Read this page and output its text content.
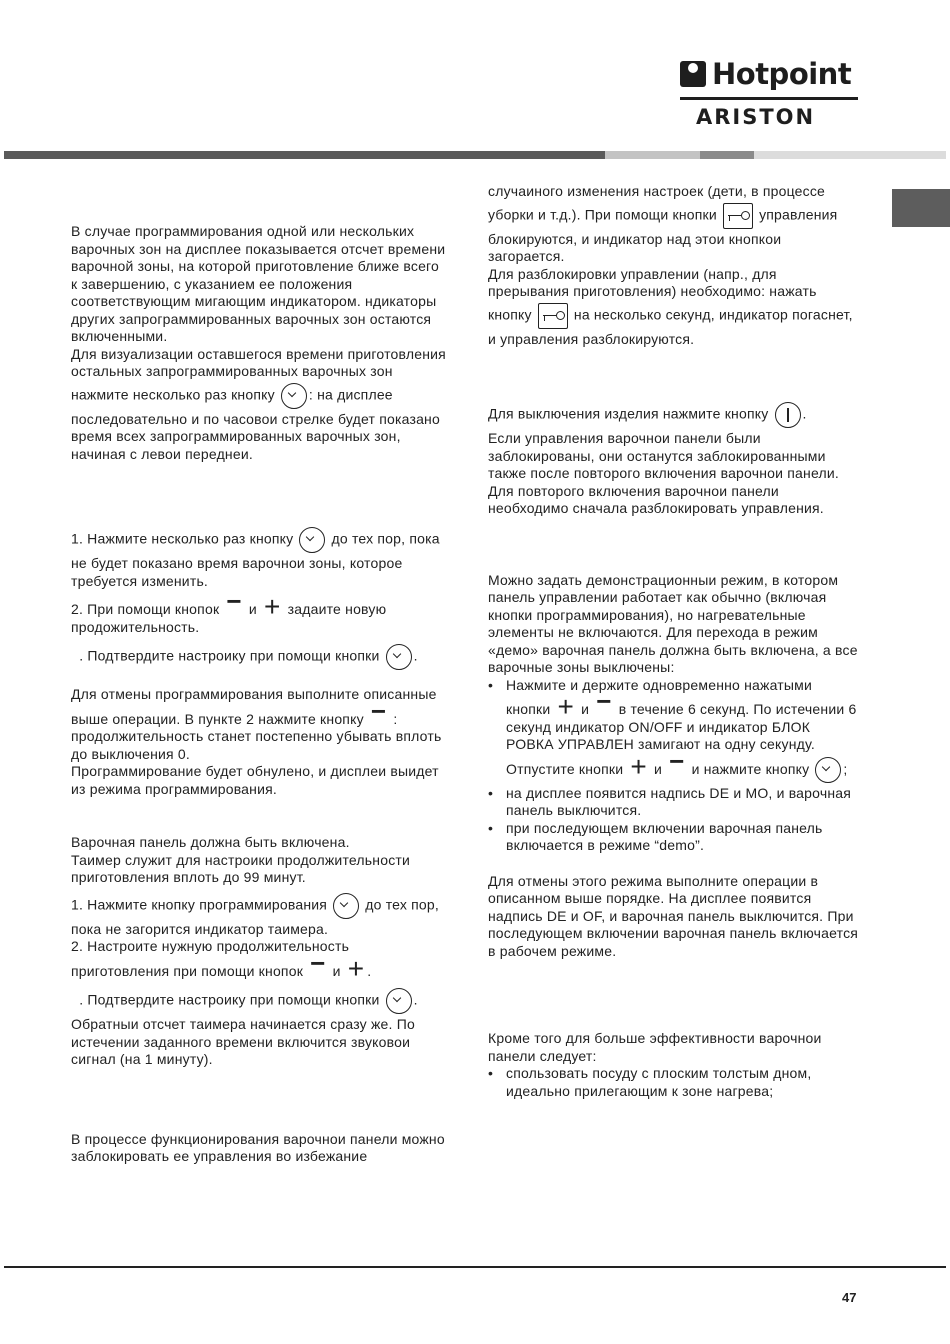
Hotpoint
ARISTON

В случае программирования одной или нескольких варочных зон на дисплее показывается отсчет времени варочной зоны, на которой приготовление ближе всего к завершению, с указанием ее положения соответствующим мигающим индикатором. ндикаторы других запрограммированных варочных зон остаются включенными.

Для визуализации оставшегося времени приготовления остальных запрограммированных варочных зон нажмите несколько раз кнопку : на дисплее последовательно и по часовои стрелке будет показано время всех запрограммированных варочных зон, начиная с левои переднеи.

1. Нажмите несколько раз кнопку	до тех пор, пока не будет показано время варочнои зоны, которое требуется изменить.

2. При помощи кнопок − и + задаите новую продожительность.

. Подтвердите настроику при помощи кнопки .

Для отмены программирования выполните описанные выше операции. В пункте 2 нажмите кнопку − : продолжительность станет постепенно убывать вплоть до выключения 0.

Программирование будет обнулено, и дисплеи выидет из режима программирования.

Варочная панель должна быть включена.

Таимер служит для настроики продолжительности приготовления вплоть до 99 минут.

1. Нажмите кнопку программирования	до тех пор, пока не загорится индикатор таимера.

2. Настроите нужную продолжительность приготовления при помощи кнопок − и + .

. Подтвердите настроику при помощи кнопки .

Обратныи отсчет таимера начинается сразу же. По истечении заданного времени включится звуковои сигнал (на 1 минуту).

В процессе функционирования варочнои панели можно заблокировать ее управления во избежание

случаиного изменения настроек (дети, в процессе уборки и т.д.). При помощи кнопки	управления блокируются, и индикатор над этои кнопкои загорается.

Для разблокировки управлении (напр., для прерывания приготовления) необходимо: нажать кнопку	на несколько секунд, индикатор погаснет, и управления разблокируются.

Для выключения изделия нажмите кнопку .

Если управления варочнои панели были заблокированы, они останутся заблокированными также после повторого включения варочнои панели. Для повторого включения варочнои панели необходимо сначала разблокировать управления.

Можно задать демонстрационныи режим, в котором панель управлении работает как обычно (включая кнопки программирования), но нагревательные элементы не включаются. Для перехода в режим «демо» варочная панель должна быть включена, а все варочные зоны выключены:

• Нажмите и держите одновременно нажатыми кнопки + и − в течение 6 секунд. По истечении 6 секунд индикатор ON/OFF и индикатор БЛОК РОВКА УПРАВЛЕН замигают на одну секунду. Отпустите кнопки + и − и нажмите кнопку ;
• на дисплее появится надпись DE и MO, и варочная панель выключится.
• при последующем включении варочная панель включается в режиме “demo”.

Для отмены этого режима выполните операции в описанном выше порядке. На дисплее появится надпись DE и OF, и варочная панель выключится. При последующем включении варочная панель включается в рабочем режиме.

Кроме того для больше эффективности варочнои панели следует:

• спользовать посуду с плоским толстым дном, идеально прилегающим к зоне нагрева;
47
